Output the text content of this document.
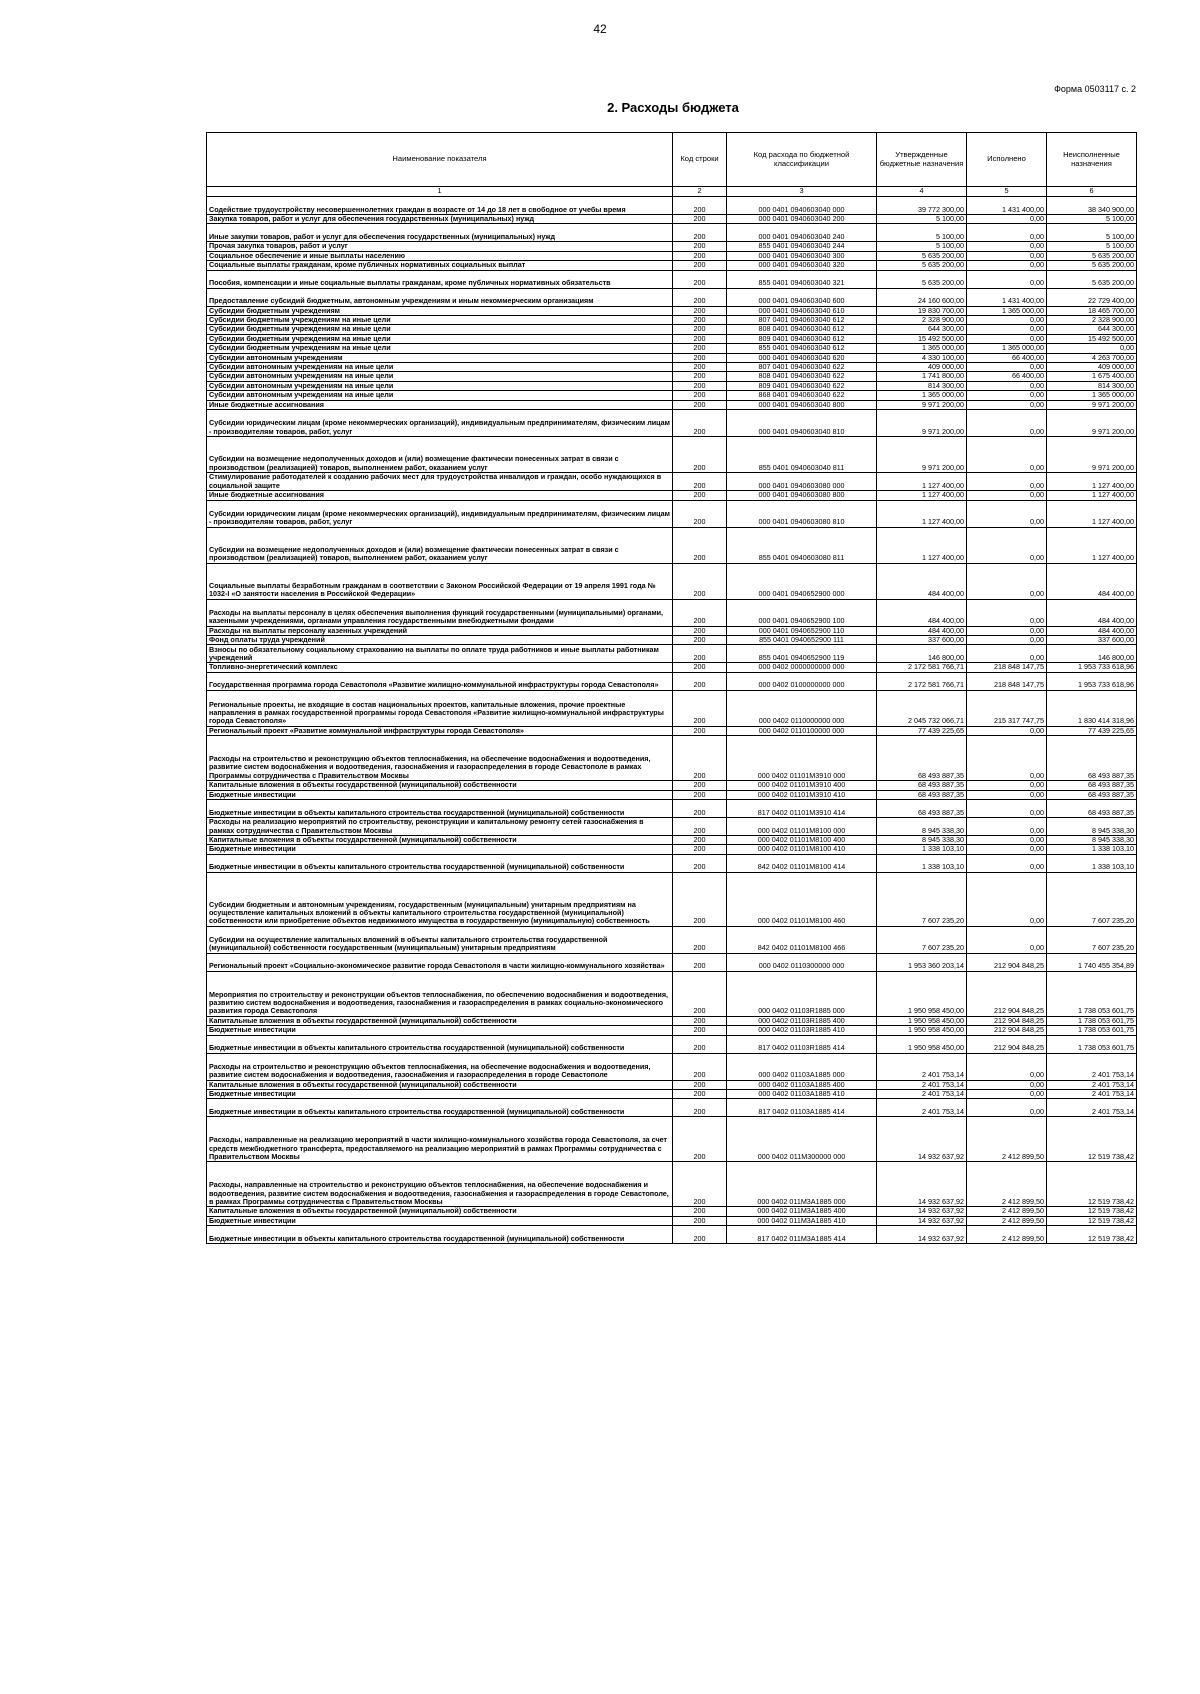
42
Форма 0503117 с. 2
2. Расходы бюджета
Наименование показателя	Код строки	Код расхода по бюджетной классификации	Утвержденные бюджетные назначения	Исполнено	Неисполненные назначения
1	2	3	4	5	6
Содействие трудоустройству несовершеннолетних граждан в возрасте от 14 до 18 лет в свободное от учебы время	200	000 0401 0940603040 000	39 772 300,00	1 431 400,00	38 340 900,00
Закупка товаров, работ и услуг для обеспечения государственных (муниципальных) нужд	200	000 0401 0940603040 200	5 100,00	0,00	5 100,00
Иные закупки товаров, работ и услуг для обеспечения государственных (муниципальных) нужд	200	000 0401 0940603040 240	5 100,00	0,00	5 100,00
Прочая закупка товаров, работ и услуг	200	855 0401 0940603040 244	5 100,00	0,00	5 100,00
Социальное обеспечение и иные выплаты населению	200	000 0401 0940603040 300	5 635 200,00	0,00	5 635 200,00
Социальные выплаты гражданам, кроме публичных нормативных социальных выплат	200	000 0401 0940603040 320	5 635 200,00	0,00	5 635 200,00
Пособия, компенсации и иные социальные выплаты гражданам, кроме публичных нормативных обязательств	200	855 0401 0940603040 321	5 635 200,00	0,00	5 635 200,00
Предоставление субсидий бюджетным, автономным учреждениям и иным некоммерческим организациям	200	000 0401 0940603040 600	24 160 600,00	1 431 400,00	22 729 400,00
Субсидии бюджетным учреждениям	200	000 0401 0940603040 610	19 830 700,00	1 365 000,00	18 465 700,00
Субсидии бюджетным учреждениям на иные цели	200	807 0401 0940603040 612	2 328 900,00	0,00	2 328 900,00
Субсидии бюджетным учреждениям на иные цели	200	808 0401 0940603040 612	644 300,00	0,00	644 300,00
Субсидии бюджетным учреждениям на иные цели	200	809 0401 0940603040 612	15 492 500,00	0,00	15 492 500,00
Субсидии бюджетным учреждениям на иные цели	200	855 0401 0940603040 612	1 365 000,00	1 365 000,00	0,00
Субсидии автономным учреждениям	200	000 0401 0940603040 620	4 330 100,00	66 400,00	4 263 700,00
Субсидии автономным учреждениям на иные цели	200	807 0401 0940603040 622	409 000,00	0,00	409 000,00
Субсидии автономным учреждениям на иные цели	200	808 0401 0940603040 622	1 741 800,00	66 400,00	1 675 400,00
Субсидии автономным учреждениям на иные цели	200	809 0401 0940603040 622	814 300,00	0,00	814 300,00
Субсидии автономным учреждениям на иные цели	200	868 0401 0940603040 622	1 365 000,00	0,00	1 365 000,00
Иные бюджетные ассигнования	200	000 0401 0940603040 800	9 971 200,00	0,00	9 971 200,00
Субсидии юридическим лицам (кроме некоммерческих организаций), индивидуальным предпринимателям, физическим лицам - производителям товаров, работ, услуг	200	000 0401 0940603040 810	9 971 200,00	0,00	9 971 200,00
Субсидии на возмещение недополученных доходов и (или) возмещение фактически понесенных затрат в связи с производством (реализацией) товаров, выполнением работ, оказанием услуг	200	855 0401 0940603040 811	9 971 200,00	0,00	9 971 200,00
Стимулирование работодателей к созданию рабочих мест для трудоустройства инвалидов и граждан, особо нуждающихся в социальной защите	200	000 0401 0940603080 000	1 127 400,00	0,00	1 127 400,00
Иные бюджетные ассигнования	200	000 0401 0940603080 800	1 127 400,00	0,00	1 127 400,00
Субсидии юридическим лицам (кроме некоммерческих организаций), индивидуальным предпринимателям, физическим лицам - производителям товаров, работ, услуг	200	000 0401 0940603080 810	1 127 400,00	0,00	1 127 400,00
Субсидии на возмещение недополученных доходов и (или) возмещение фактически понесенных затрат в связи с производством (реализацией) товаров, выполнением работ, оказанием услуг	200	855 0401 0940603080 811	1 127 400,00	0,00	1 127 400,00
Социальные выплаты безработным гражданам в соответствии с Законом Российской Федерации от 19 апреля 1991 года № 1032-I «О занятости населения в Российской Федерации»	200	000 0401 0940652900 000	484 400,00	0,00	484 400,00
Расходы на выплаты персоналу в целях обеспечения выполнения функций государственными (муниципальными) органами, казенными учреждениями, органами управления государственными внебюджетными фондами	200	000 0401 0940652900 100	484 400,00	0,00	484 400,00
Расходы на выплаты персоналу казенных учреждений	200	000 0401 0940652900 110	484 400,00	0,00	484 400,00
Фонд оплаты труда учреждений	200	855 0401 0940652900 111	337 600,00	0,00	337 600,00
Взносы по обязательному социальному страхованию на выплаты по оплате труда работников и иные выплаты работникам учреждений	200	855 0401 0940652900 119	146 800,00	0,00	146 800,00
Топливно-энергетический комплекс	200	000 0402 0000000000 000	2 172 581 766,71	218 848 147,75	1 953 733 618,96
Государственная программа города Севастополя «Развитие жилищно-коммунальной инфраструктуры города Севастополя»	200	000 0402 0100000000 000	2 172 581 766,71	218 848 147,75	1 953 733 618,96
Региональные проекты, не входящие в состав национальных проектов, капитальные вложения, прочие проектные направления в рамках государственной программы города Севастополя «Развитие жилищно-коммунальной инфраструктуры города Севастополя»	200	000 0402 0110000000 000	2 045 732 066,71	215 317 747,75	1 830 414 318,96
Региональный проект «Развитие коммунальной инфраструктуры города Севастополя»	200	000 0402 0110100000 000	77 439 225,65	0,00	77 439 225,65
Расходы на строительство и реконструкцию объектов теплоснабжения, на обеспечение водоснабжения и водоотведения, развитие систем водоснабжения и водоотведения, газоснабжения и газораспределения в городе Севастополе в рамках Программы сотрудничества с Правительством Москвы	200	000 0402 01101М3910 000	68 493 887,35	0,00	68 493 887,35
Капитальные вложения в объекты государственной (муниципальной) собственности	200	000 0402 01101М3910 400	68 493 887,35	0,00	68 493 887,35
Бюджетные инвестиции	200	000 0402 01101М3910 410	68 493 887,35	0,00	68 493 887,35
Бюджетные инвестиции в объекты капитального строительства государственной (муниципальной) собственности	200	817 0402 01101М3910 414	68 493 887,35	0,00	68 493 887,35
Расходы на реализацию мероприятий по строительству, реконструкции и капитальному ремонту сетей газоснабжения в рамках сотрудничества с Правительством Москвы	200	000 0402 01101М8100 000	8 945 338,30	0,00	8 945 338,30
Капитальные вложения в объекты государственной (муниципальной) собственности	200	000 0402 01101М8100 400	8 945 338,30	0,00	8 945 338,30
Бюджетные инвестиции	200	000 0402 01101М8100 410	1 338 103,10	0,00	1 338 103,10
Бюджетные инвестиции в объекты капитального строительства государственной (муниципальной) собственности	200	842 0402 01101М8100 414	1 338 103,10	0,00	1 338 103,10
Субсидии бюджетным и автономным учреждениям, государственным (муниципальным) унитарным предприятиям на осуществление капитальных вложений в объекты капитального строительства государственной (муниципальной) собственности или приобретение объектов недвижимого имущества в государственную (муниципальную) собственность	200	000 0402 01101М8100 460	7 607 235,20	0,00	7 607 235,20
Субсидии на осуществление капитальных вложений в объекты капитального строительства государственной (муниципальной) собственности государственным (муниципальным) унитарным предприятиям	200	842 0402 01101М8100 466	7 607 235,20	0,00	7 607 235,20
Региональный проект «Социально-экономическое развитие города Севастополя в части жилищно-коммунального хозяйства»	200	000 0402 0110300000 000	1 953 360 203,14	212 904 848,25	1 740 455 354,89
Мероприятия по строительству и реконструкции объектов теплоснабжения, по обеспечению водоснабжения и водоотведения, развитию систем водоснабжения и водоотведения, газоснабжения и газораспределения в рамках социально-экономического развития города Севастополя	200	000 0402 01103R1885 000	1 950 958 450,00	212 904 848,25	1 738 053 601,75
Капитальные вложения в объекты государственной (муниципальной) собственности	200	000 0402 01103R1885 400	1 950 958 450,00	212 904 848,25	1 738 053 601,75
Бюджетные инвестиции	200	000 0402 01103R1885 410	1 950 958 450,00	212 904 848,25	1 738 053 601,75
Бюджетные инвестиции в объекты капитального строительства государственной (муниципальной) собственности	200	817 0402 01103R1885 414	1 950 958 450,00	212 904 848,25	1 738 053 601,75
Расходы на строительство и реконструкцию объектов теплоснабжения, на обеспечение водоснабжения и водоотведения, развитие систем водоснабжения и водоотведения, газоснабжения и газораспределения в городе Севастополе	200	000 0402 01103А1885 000	2 401 753,14	0,00	2 401 753,14
Капитальные вложения в объекты государственной (муниципальной) собственности	200	000 0402 01103А1885 400	2 401 753,14	0,00	2 401 753,14
Бюджетные инвестиции	200	000 0402 01103А1885 410	2 401 753,14	0,00	2 401 753,14
Бюджетные инвестиции в объекты капитального строительства государственной (муниципальной) собственности	200	817 0402 01103А1885 414	2 401 753,14	0,00	2 401 753,14
Расходы, направленные на реализацию мероприятий в части жилищно-коммунального хозяйства города Севастополя, за счет средств межбюджетного трансферта, предоставляемого на реализацию мероприятий в рамках Программы сотрудничества с Правительством Москвы	200	000 0402 011М300000 000	14 932 637,92	2 412 899,50	12 519 738,42
Расходы, направленные на строительство и реконструкцию объектов теплоснабжения, на обеспечение водоснабжения и водоотведения, развитие систем водоснабжения и водоотведения, газоснабжения и газораспределения в городе Севастополе, в рамках Программы сотрудничества с Правительством Москвы	200	000 0402 011М3А1885 000	14 932 637,92	2 412 899,50	12 519 738,42
Капитальные вложения в объекты государственной (муниципальной) собственности	200	000 0402 011М3А1885 400	14 932 637,92	2 412 899,50	12 519 738,42
Бюджетные инвестиции	200	000 0402 011М3А1885 410	14 932 637,92	2 412 899,50	12 519 738,42
Бюджетные инвестиции в объекты капитального строительства государственной (муниципальной) собственности	200	817 0402 011М3А1885 414	14 932 637,92	2 412 899,50	12 519 738,42
